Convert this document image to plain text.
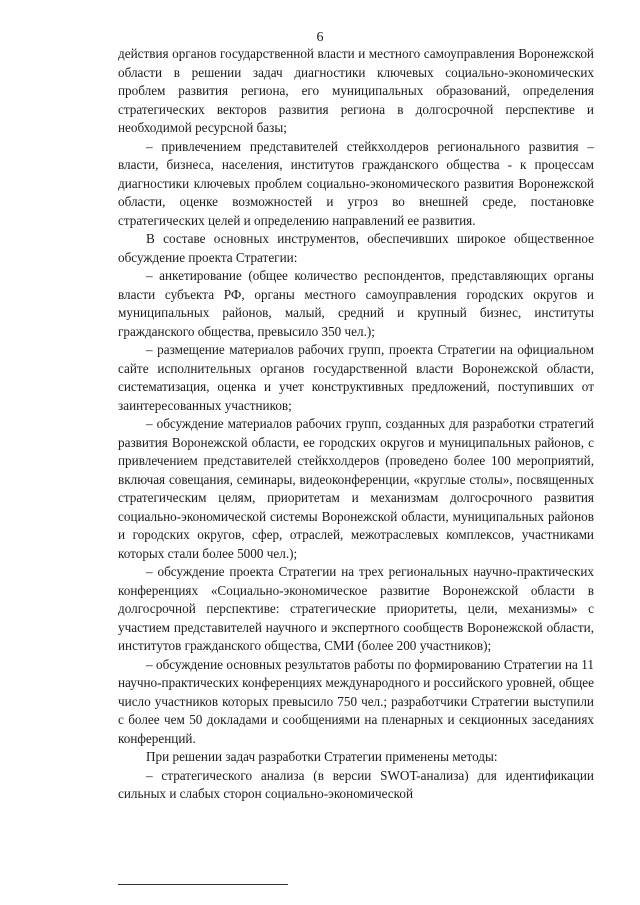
6

действия органов государственной власти и местного самоуправления Воронежской области в решении задач диагностики ключевых социально-экономических проблем развития региона, его муниципальных образований, определения стратегических векторов развития региона в долгосрочной перспективе и необходимой ресурсной базы;

– привлечением представителей стейкхолдеров регионального развития – власти, бизнеса, населения, институтов гражданского общества - к процессам диагностики ключевых проблем социально-экономического развития Воронежской области, оценке возможностей и угроз во внешней среде, постановке стратегических целей и определению направлений ее развития.

В составе основных инструментов, обеспечивших широкое общественное обсуждение проекта Стратегии:

– анкетирование (общее количество респондентов, представляющих органы власти субъекта РФ, органы местного самоуправления городских округов и муниципальных районов, малый, средний и крупный бизнес, институты гражданского общества, превысило 350 чел.);

– размещение материалов рабочих групп, проекта Стратегии на официальном сайте исполнительных органов государственной власти Воронежской области, систематизация, оценка и учет конструктивных предложений, поступивших от заинтересованных участников;

– обсуждение материалов рабочих групп, созданных для разработки стратегий развития Воронежской области, ее городских округов и муниципальных районов, с привлечением представителей стейкхолдеров (проведено более 100 мероприятий, включая совещания, семинары, видеоконференции, «круглые столы», посвященных стратегическим целям, приоритетам и механизмам долгосрочного развития социально-экономической системы Воронежской области, муниципальных районов и городских округов, сфер, отраслей, межотраслевых комплексов, участниками которых стали более 5000 чел.);

– обсуждение проекта Стратегии на трех региональных научно-практических конференциях «Социально-экономическое развитие Воронежской области в долгосрочной перспективе: стратегические приоритеты, цели, механизмы» с участием представителей научного и экспертного сообществ Воронежской области, институтов гражданского общества, СМИ (более 200 участников);

– обсуждение основных результатов работы по формированию Стратегии на 11 научно-практических конференциях международного и российского уровней, общее число участников которых превысило 750 чел.; разработчики Стратегии выступили с более чем 50 докладами и сообщениями на пленарных и секционных заседаниях конференций.

При решении задач разработки Стратегии применены методы:

– стратегического анализа (в версии SWOT-анализа) для идентификации сильных и слабых сторон социально-экономической
